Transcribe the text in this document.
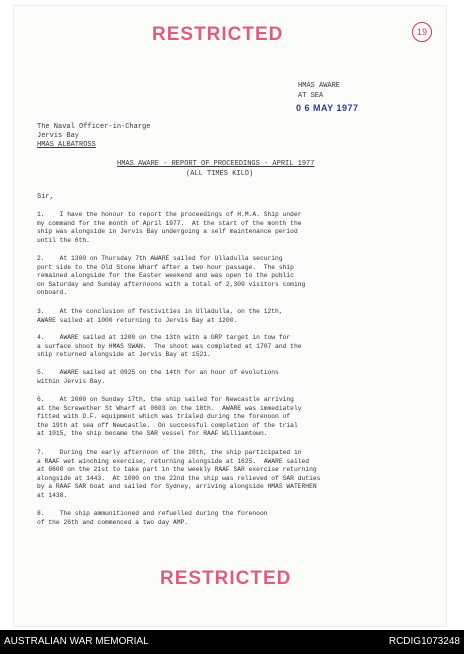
RESTRICTED	19
HMAS AWARE
AT SEA
0 6 MAY 1977
The Naval Officer-in-Charge
Jervis Bay
HMAS ALBATROSS
HMAS AWARE - REPORT OF PROCEEDINGS - APRIL 1977
(ALL TIMES KILO)
Sir,
1.    I have the honour to report the proceedings of H.M.A. Ship under
my command for the month of April 1977.  At the start of the month the
ship was alongside in Jervis Bay undergoing a self maintenance period
until the 6th.
2.    At 1300 on Thursday 7th AWARE sailed for Ulladulla securing
port side to the Old Stone Wharf after a two hour passage.  The ship
remained alongside for the Easter weekend and was open to the public
on Saturday and Sunday afternoons with a total of 2,309 visitors coming
onboard.
3.    At the conclusion of festivities in Ulladulla, on the 12th,
AWARE sailed at 1000 returning to Jervis Bay at 1200.
4.    AWARE sailed at 1200 on the 13th with a GRP target in tow for
a surface shoot by HMAS SWAN.  The shoot was completed at 1707 and the
ship returned alongside at Jervis Bay at 1521.
5.    AWARE sailed at 0925 on the 14th for an hour of evolutions
within Jervis Bay.
6.    At 2000 on Sunday 17th, the ship sailed for Newcastle arriving
at the Screwether St Wharf at 0603 on the 18th.  AWARE was immediately
fitted with D.F. equipment which was trialed during the forenoon of
the 19th at sea off Newcastle.  On successful completion of the trial
at 1015, the ship became the SAR vessel for RAAF Williamtown.
7.    During the early afternoon of the 20th, the ship participated in
a RAAF wet winching exercise, returning alongside at 1625.  AWARE sailed
at 0600 on the 21st to take part in the weekly RAAF SAR exercise returning
alongside at 1443.  At 1000 on the 22nd the ship was relieved of SAR duties
by a RAAF SAR boat and sailed for Sydney, arriving alongside HMAS WATERHEN
at 1438.
8.    The ship ammunitioned and refuelled during the forenoon
of the 26th and commenced a two day AMP.
RESTRICTED
AUSTRALIAN WAR MEMORIAL	RCDIG1073248
